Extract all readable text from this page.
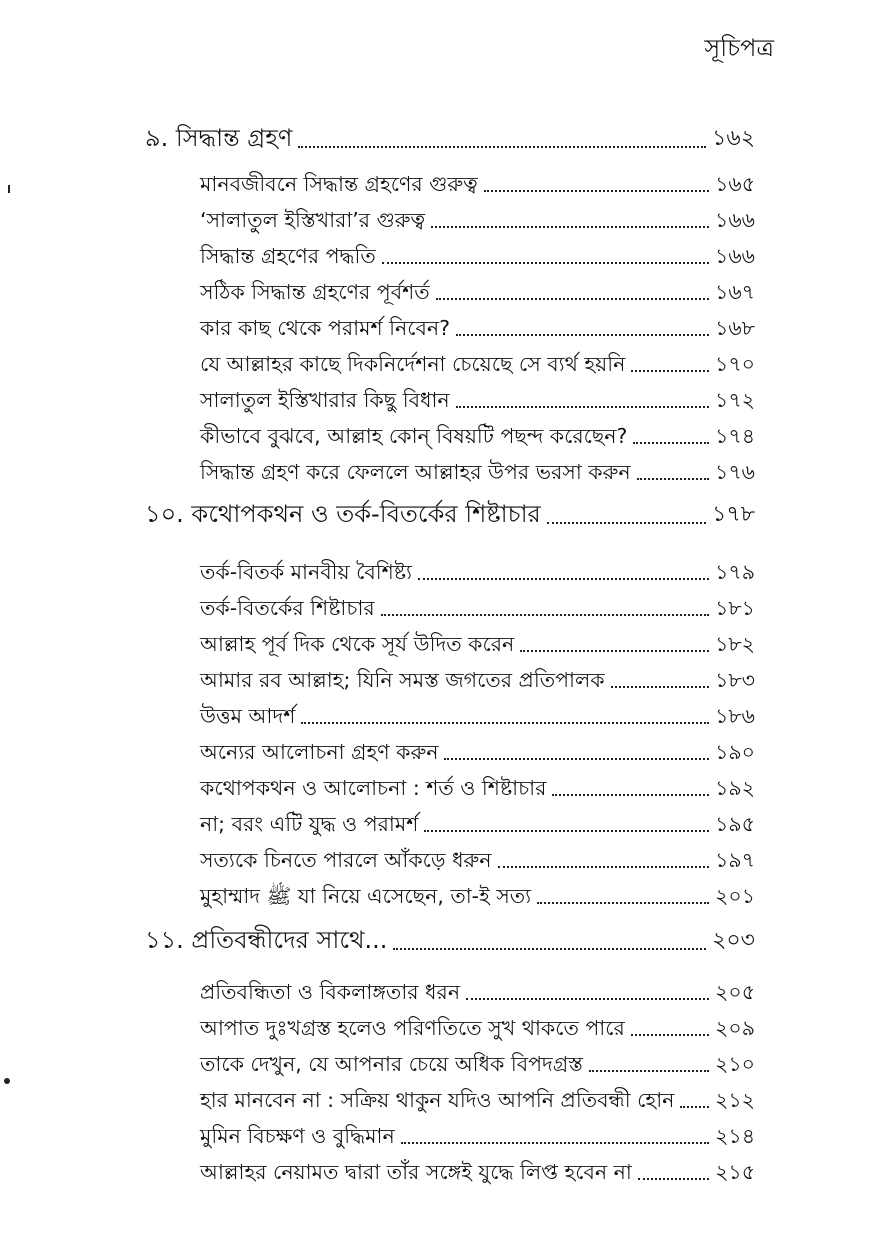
সূচিপত্র
৯. সিদ্ধান্ত গ্রহণ	১৬২
মানবজীবনে সিদ্ধান্ত গ্রহণের গুরুত্ব	১৬৫
‘সালাতুল ইস্তিখারা’র গুরুত্ব	১৬৬
সিদ্ধান্ত গ্রহণের পদ্ধতি	১৬৬
সঠিক সিদ্ধান্ত গ্রহণের পূর্বশর্ত	১৬৭
কার কাছ থেকে পরামর্শ নিবেন?	১৬৮
যে আল্লাহর কাছে দিকনির্দেশনা চেয়েছে সে ব্যর্থ হয়নি	১৭০
সালাতুল ইস্তিখারার কিছু বিধান	১৭২
কীভাবে বুঝবে, আল্লাহ কোন্ বিষয়টি পছন্দ করেছেন?	১৭৪
সিদ্ধান্ত গ্রহণ করে ফেললে আল্লাহর উপর ভরসা করুন	১৭৬
১০. কথোপকথন ও তর্ক-বিতর্কের শিষ্টাচার	১৭৮
তর্ক-বিতর্ক মানবীয় বৈশিষ্ট্য	১৭৯
তর্ক-বিতর্কের শিষ্টাচার	১৮১
আল্লাহ পূর্ব দিক থেকে সূর্য উদিত করেন	১৮২
আমার রব আল্লাহ; যিনি সমস্ত জগতের প্রতিপালক	১৮৩
উত্তম আদর্শ	১৮৬
অন্যের আলোচনা গ্রহণ করুন	১৯০
কথোপকথন ও আলোচনা : শর্ত ও শিষ্টাচার	১৯২
না; বরং এটি যুদ্ধ ও পরামর্শ	১৯৫
সত্যকে চিনতে পারলে আঁকড়ে ধরুন	১৯৭
মুহাম্মাদ ﷺ যা নিয়ে এসেছেন, তা-ই সত্য	২০১
১১. প্রতিবন্ধীদের সাথে...	২০৩
প্রতিবন্ধিতা ও বিকলাঙ্গতার ধরন	২০৫
আপাত দুঃখগ্রস্ত হলেও পরিণতিতে সুখ থাকতে পারে	২০৯
তাকে দেখুন, যে আপনার চেয়ে অধিক বিপদগ্রস্ত	২১০
হার মানবেন না : সক্রিয় থাকুন যদিও আপনি প্রতিবন্ধী হোন ২১২
মুমিন বিচক্ষণ ও বুদ্ধিমান	২১৪
আল্লাহর নেয়ামত দ্বারা তাঁর সঙ্গেই যুদ্ধে লিপ্ত হবেন না	২১৫
